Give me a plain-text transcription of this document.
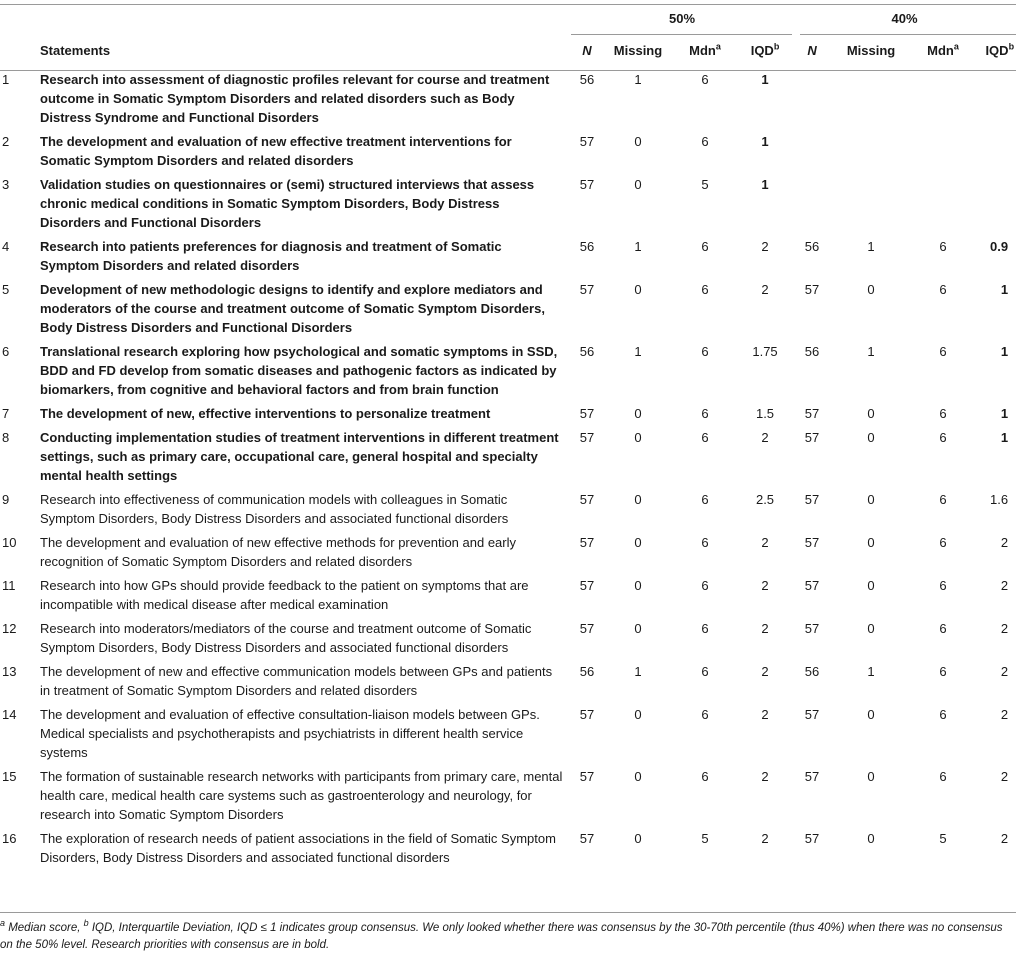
		50%				40%			
	Statements	N	Missing	Mdn$^a$	IQD$^b$	N	Missing	Mdn$^a$	IQD$^b$
1	Research into assessment of diagnostic profiles relevant for course and treatment outcome in Somatic Symptom Disorders and related disorders such as Body Distress Syndrome and Functional Disorders	56	1	6	1				
2	The development and evaluation of new effective treatment interventions for Somatic Symptom Disorders and related disorders	57	0	6	1				
3	Validation studies on questionnaires or (semi) structured interviews that assess chronic medical conditions in Somatic Symptom Disorders, Body Distress Disorders and Functional Disorders	57	0	5	1				
4	Research into patients preferences for diagnosis and treatment of Somatic Symptom Disorders and related disorders	56	1	6	2	56	1	6	0.9
5	Development of new methodologic designs to identify and explore mediators and moderators of the course and treatment outcome of Somatic Symptom Disorders, Body Distress Disorders and Functional Disorders	57	0	6	2	57	0	6	1
6	Translational research exploring how psychological and somatic symptoms in SSD, BDD and FD develop from somatic diseases and pathogenic factors as indicated by biomarkers, from cognitive and behavioral factors and from brain function	56	1	6	1.75	56	1	6	1
7	The development of new, effective interventions to personalize treatment	57	0	6	1.5	57	0	6	1
8	Conducting implementation studies of treatment interventions in different treatment settings, such as primary care, occupational care, general hospital and specialty mental health settings	57	0	6	2	57	0	6	1
9	Research into effectiveness of communication models with colleagues in Somatic Symptom Disorders, Body Distress Disorders and associated functional disorders	57	0	6	2.5	57	0	6	1.6
10	The development and evaluation of new effective methods for prevention and early recognition of Somatic Symptom Disorders and related disorders	57	0	6	2	57	0	6	2
11	Research into how GPs should provide feedback to the patient on symptoms that are incompatible with medical disease after medical examination	57	0	6	2	57	0	6	2
12	Research into moderators/mediators of the course and treatment outcome of Somatic Symptom Disorders, Body Distress Disorders and associated functional disorders	57	0	6	2	57	0	6	2
13	The development of new and effective communication models between GPs and patients in treatment of Somatic Symptom Disorders and related disorders	56	1	6	2	56	1	6	2
14	The development and evaluation of effective consultation-liaison models between GPs. Medical specialists and psychotherapists and psychiatrists in different health service systems	57	0	6	2	57	0	6	2
15	The formation of sustainable research networks with participants from primary care, mental health care, medical health care systems such as gastroenterology and neurology, for research into Somatic Symptom Disorders	57	0	6	2	57	0	6	2
16	The exploration of research needs of patient associations in the field of Somatic Symptom Disorders, Body Distress Disorders and associated functional disorders	57	0	5	2	57	0	5	2
$^a$ Median score, $^b$ IQD, Interquartile Deviation, IQD ≤ 1 indicates group consensus. We only looked whether there was consensus by the 30-70th percentile (thus 40%) when there was no consensus on the 50% level. Research priorities with consensus are in bold.
